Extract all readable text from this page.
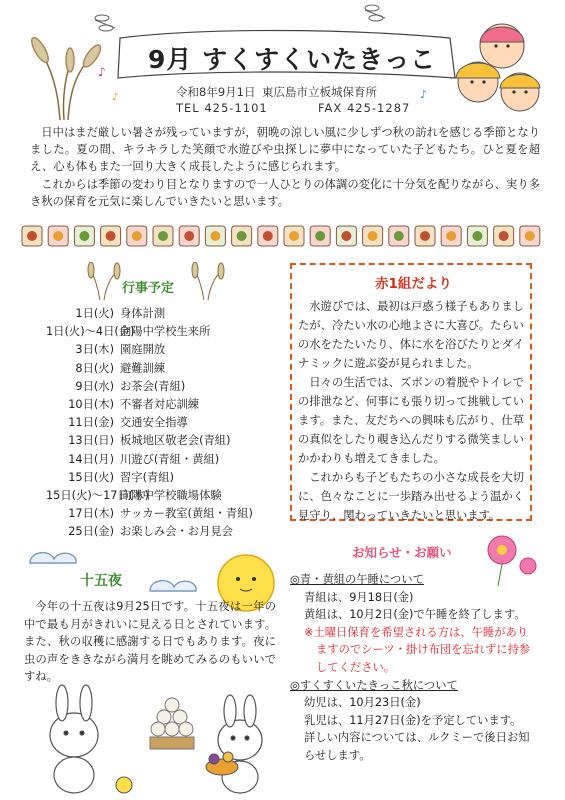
♪
♪	♪
9月 すくすくいたきっこ
令和8年9月1日 東広島市立板城保育所
TEL 425-1101	FAX 425-1287

日中はまだ厳しい暑さが残っていますが，朝晩の涼しい風に少しずつ秋の訪れを感じる季節となりました。夏の間、キラキラした笑顔で水遊びや虫探しに夢中になっていた子どもたち。ひと夏を超え、心も体もまた一回り大きく成長したように感じられます。

これからは季節の変わり目となりますので一人ひとりの体調の変化に十分気を配りながら、実り多き秋の保育を元気に楽しんでいきたいと思います。

行事予定
1日(火) 身体計測
1日(火)～4日(金)向陽中学校生来所
3日(木) 園庭開放
8日(火) 避難訓練
9日(水) お茶会(青組)
10日(木) 不審者対応訓練
11日(金) 交通安全指導
13日(日) 板城地区敬老会(青組)
14日(月) 川遊び(青組・黄組)
15日(火) 習字(青組)
15日(火)～17日(木)向陽中学校職場体験
17日(木) サッカー教室(黄組・青組)
25日(金) お楽しみ会・お月見会
赤1組だより

水遊びでは、最初は戸惑う様子もありましたが、冷たい水の心地よさに大喜び。たらいの水をたたいたり、体に水を浴びたりとダイナミックに遊ぶ姿が見られました。

日々の生活では、ズボンの着脱やトイレでの排泄など、何事にも張り切って挑戦しています。また、友だちへの興味も広がり、仕草の真似をしたり覗き込んだりする微笑ましいかかわりも増えてきました。

これからも子どもたちの小さな成長を大切に、色々なことに一歩踏み出せるよう温かく見守り、関わっていきたいと思います。

十五夜

今年の十五夜は9月25日です。十五夜は一年の中で最も月がきれいに見える日とされています。また、秋の収穫に感謝する日でもあります。夜に虫の声をききながら満月を眺めてみるのもいいですね。

お知らせ・お願い
◎青・黄組の午睡について
青組は、9月18日(金)
黄組は、10月2日(金)で午睡を終了します。
※土曜日保育を希望される方は、午睡があり
ますのでシーツ・掛け布団を忘れずに持参
してください。
◎すくすくいたきっこ秋について
幼児は、10月23日(金)
乳児は、11月27日(金)を予定しています。
詳しい内容については、ルクミーで後日お知
らせします。
